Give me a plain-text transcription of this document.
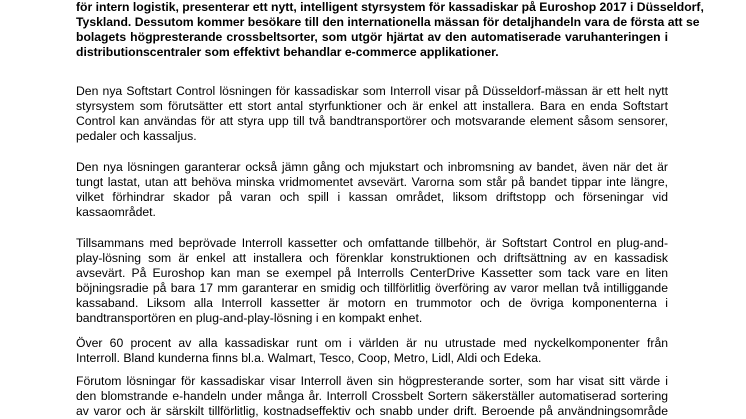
för intern logistik, presenterar ett nytt, intelligent styrsystem för kassadiskar på Euroshop 2017 i Düsseldorf,
Tyskland. Dessutom kommer besökare till den internationella mässan för detaljhandeln vara de första att se
bolagets högpresterande crossbeltsorter, som utgör hjärtat av den automatiserade varuhanteringen i
distributionscentraler som effektivt behandlar e-commerce applikationer.
Den nya Softstart Control lösningen för kassadiskar som Interroll visar på Düsseldorf-mässan är ett helt nytt
styrsystem som förutsätter ett stort antal styrfunktioner och är enkel att installera. Bara en enda Softstart
Control kan användas för att styra upp till två bandtransportörer och motsvarande element såsom sensorer,
pedaler och kassaljus.
Den nya lösningen garanterar också jämn gång och mjukstart och inbromsning av bandet, även när det är
tungt lastat, utan att behöva minska vridmomentet avsevärt. Varorna som står på bandet tippar inte längre,
vilket förhindrar skador på varan och spill i kassan området, liksom driftstopp och förseningar vid
kassaområdet.
Tillsammans med beprövade Interroll kassetter och omfattande tillbehör, är Softstart Control en plug-and-
play-lösning som är enkel att installera och förenklar konstruktionen och driftsättning av en kassadisk
avsevärt. På Euroshop kan man se exempel på Interrolls CenterDrive Kassetter som tack vare en liten
böjningsradie på bara 17 mm garanterar en smidig och tillförlitlig överföring av varor mellan två intilliggande
kassaband. Liksom alla Interroll kassetter är motorn en trummotor och de övriga komponenterna i
bandtransportören en plug-and-play-lösning i en kompakt enhet.
Över 60 procent av alla kassadiskar runt om i världen är nu utrustade med nyckelkomponenter från
Interroll. Bland kunderna finns bl.a. Walmart, Tesco, Coop, Metro, Lidl, Aldi och Edeka.
Förutom lösningar för kassadiskar visar Interroll även sin högpresterande sorter, som har visat sitt värde i
den blomstrande e-handeln under många år. Interroll Crossbelt Sortern säkerställer automatiserad sortering
av varor och är särskilt tillförlitlig, kostnadseffektiv och snabb under drift. Beroende på användningsområde
